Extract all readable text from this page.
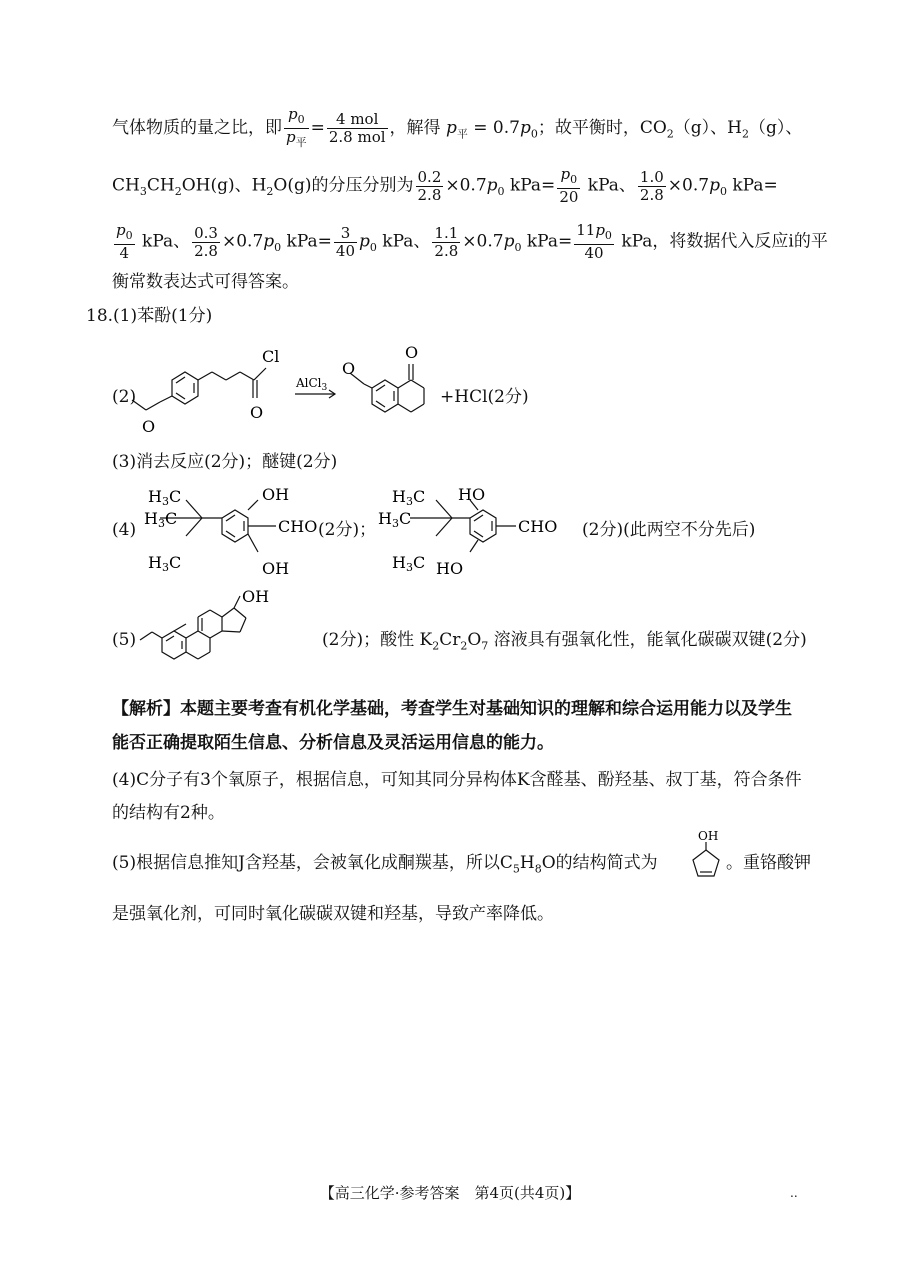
气体物质的量之比，即 $\frac{p_0}{p_平} = \frac{\text{4 mol}}{\text{2.8 mol}}$ ，解得 $p_平 = 0.7p_0$；故平衡时，$CO_2(g)$、$H_2(g)$、
$CH_3CH_2OH(g)$、$H_2O(g)$的分压分别为 $\frac{0.2}{2.8} \times 0.7p_0$ $kPa= \frac{p_0}{20}$ kPa、 $\frac{1.0}{2.8} \times 0.7p_0$ kPa=
$\frac{p_0}{4}$ kPa、 $\frac{0.3}{2.8} \times 0.7p_0$ $kPa= \frac{3}{40} p_0$ kPa、 $\frac{1.1}{2.8} \times 0.7p_0$ $kPa= \frac{11p_0}{40}$ kPa，将数据代入反应ⅰ的平
衡常数表达式可得答案。
18.(1)苯酚(1分)
(2)
O
O
Cl
AlCl$_3$
O
O
+HCl(2分)
(3)消去反应(2分)；醚键(2分)
(4)
H3C
H3C
H3C
OH
CHO
OH
H3C
H3C
H3C
HO
CHO
HO
(2分)；	(2分)(此两空不分先后)
(5)
OH
(2分)；酸性 $K_2Cr_2O_7$ 溶液具有强氧化性，能氧化碳碳双键(2分)
【解析】本题主要考查有机化学基础，考查学生对基础知识的理解和综合运用能力以及学生
能否正确提取陌生信息、分析信息及灵活运用信息的能力。
(4)C分子有3个氧原子，根据信息，可知其同分异构体K含醛基、酚羟基、叔丁基，符合条件
的结构有2种。
(5)根据信息推知J含羟基，会被氧化成酮羰基，所以$C_5H_8O$的结构简式为
OH
。重铬酸钾
是强氧化剂，可同时氧化碳碳双键和羟基，导致产率降低。
【高三化学·参考答案　第4页(共4页)】	..
